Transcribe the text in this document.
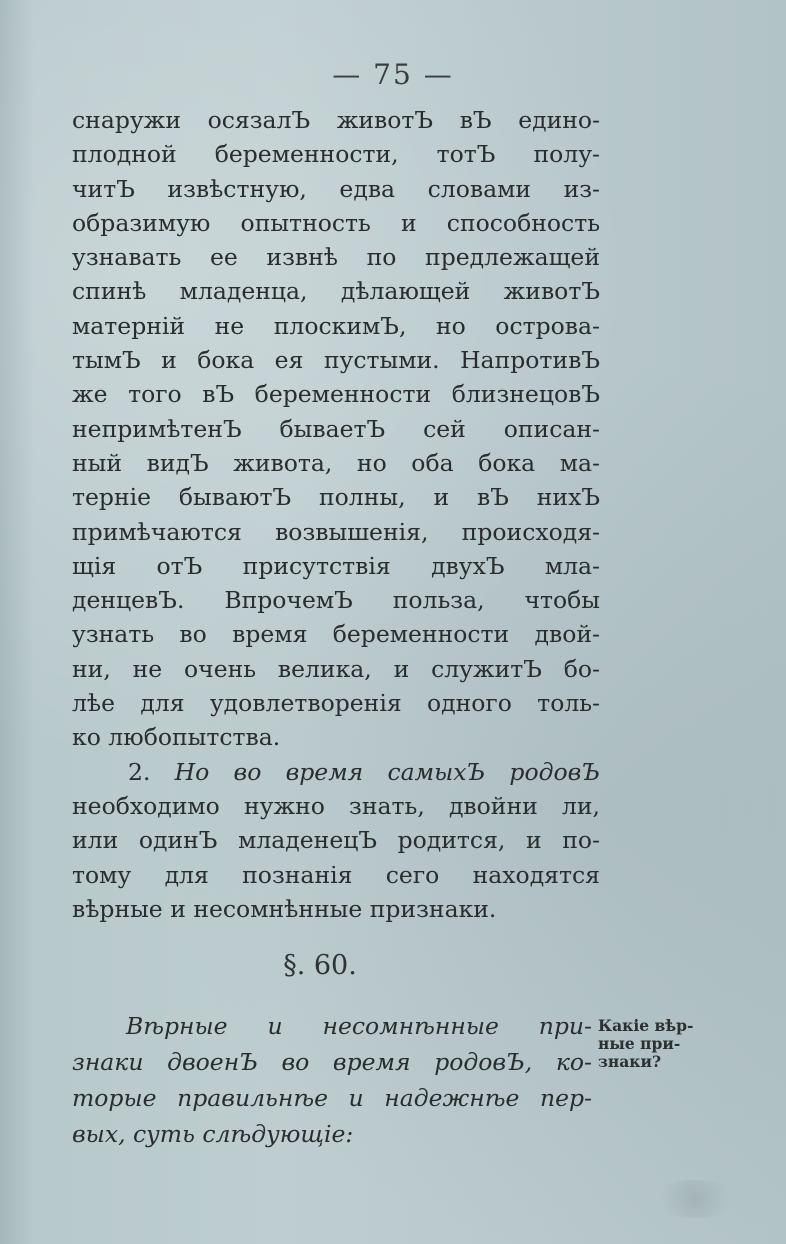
— 75 —
снаружи осязалЪ животЪ вЪ едино-
плодной беременности, тотЪ полу-
читЪ извѣстную, едва словами из-
образимую опытность и способность
узнавать ее извнѣ по предлежащей
спинѣ младенца, дѣлающей животЪ
матерній не плоскимЪ, но острова-
тымЪ и бока ея пустыми. НапротивЪ
же того вЪ беременности близнецовЪ
непримѣтенЪ бываетЪ сей описан-
ный видЪ живота, но оба бока ма-
терніе бываютЪ полны, и вЪ нихЪ
примѣчаются возвышенія, происходя-
щія отЪ присутствія двухЪ мла-
денцевЪ. ВпрочемЪ польза, чтобы
узнать во время беременности двой-
ни, не очень велика, и служитЪ бо-
лѣе для удовлетворенія одного толь-
ко любопытства.
2. Но во время самыхЪ родовЪ
необходимо нужно знать, двойни ли,
или одинЪ младенецЪ родится, и по-
тому для познанія сего находятся
вѣрные и несомнѣнные признаки.
§. 60.
Вѣрные и несомнѣнные при-
знаки двоенЪ во время родовЪ, ко-
торые правильнѣе и надежнѣе пер-
вых, суть слѣдующіе:
Какіе вѣр-
ные при-
знаки?
